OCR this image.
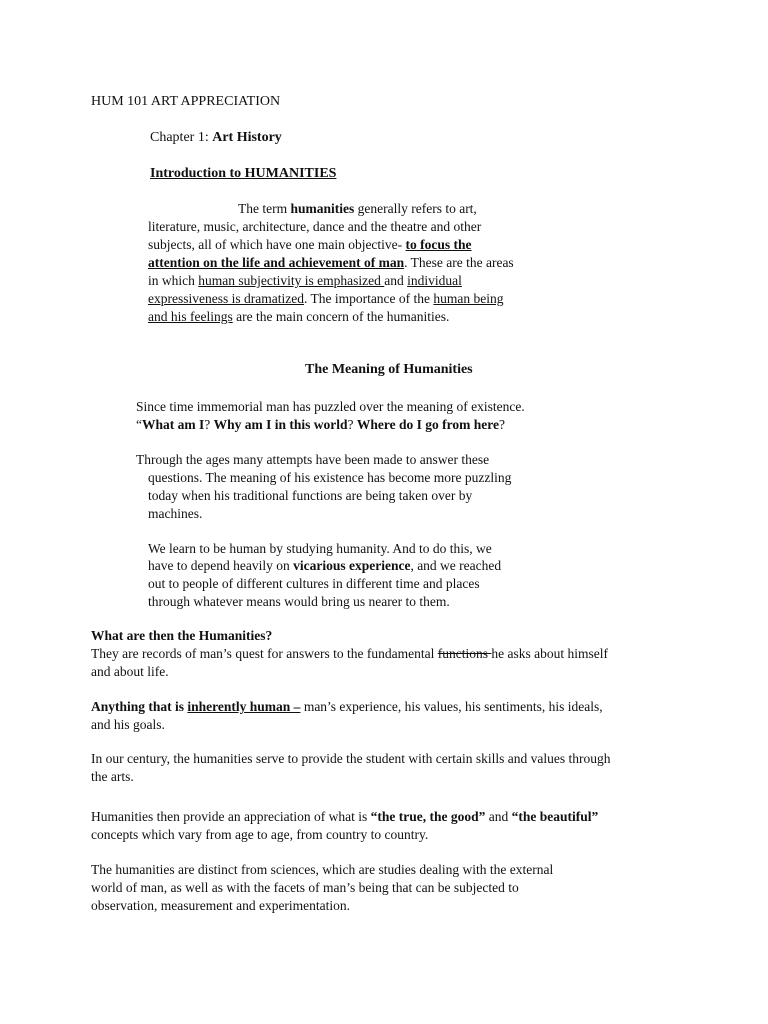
HUM 101 ART APPRECIATION
Chapter 1: Art History
Introduction to HUMANITIES
The term humanities generally refers to art,
literature, music, architecture, dance and the theatre and other
subjects, all of which have one main objective- to focus the
attention on the life and achievement of man. These are the areas
in which human subjectivity is emphasized and individual
expressiveness is dramatized. The importance of the human being
and his feelings are the main concern of the humanities.
The Meaning of Humanities
Since time immemorial man has puzzled over the meaning of existence.
“What am I? Why am I in this world? Where do I go from here?
Through the ages many attempts have been made to answer these
questions. The meaning of his existence has become more puzzling
today when his traditional functions are being taken over by
machines.
We learn to be human by studying humanity. And to do this, we
have to depend heavily on vicarious experience, and we reached
out to people of different cultures in different time and places
through whatever means would bring us nearer to them.
What are then the Humanities?
They are records of man’s quest for answers to the fundamental functions he asks about himself
and about life.
Anything that is inherently human – man’s experience, his values, his sentiments, his ideals,
and his goals.
In our century, the humanities serve to provide the student with certain skills and values through
the arts.
Humanities then provide an appreciation of what is “the true, the good” and “the beautiful”
concepts which vary from age to age, from country to country.
The humanities are distinct from sciences, which are studies dealing with the external
world of man, as well as with the facets of man’s being that can be subjected to
observation, measurement and experimentation.
